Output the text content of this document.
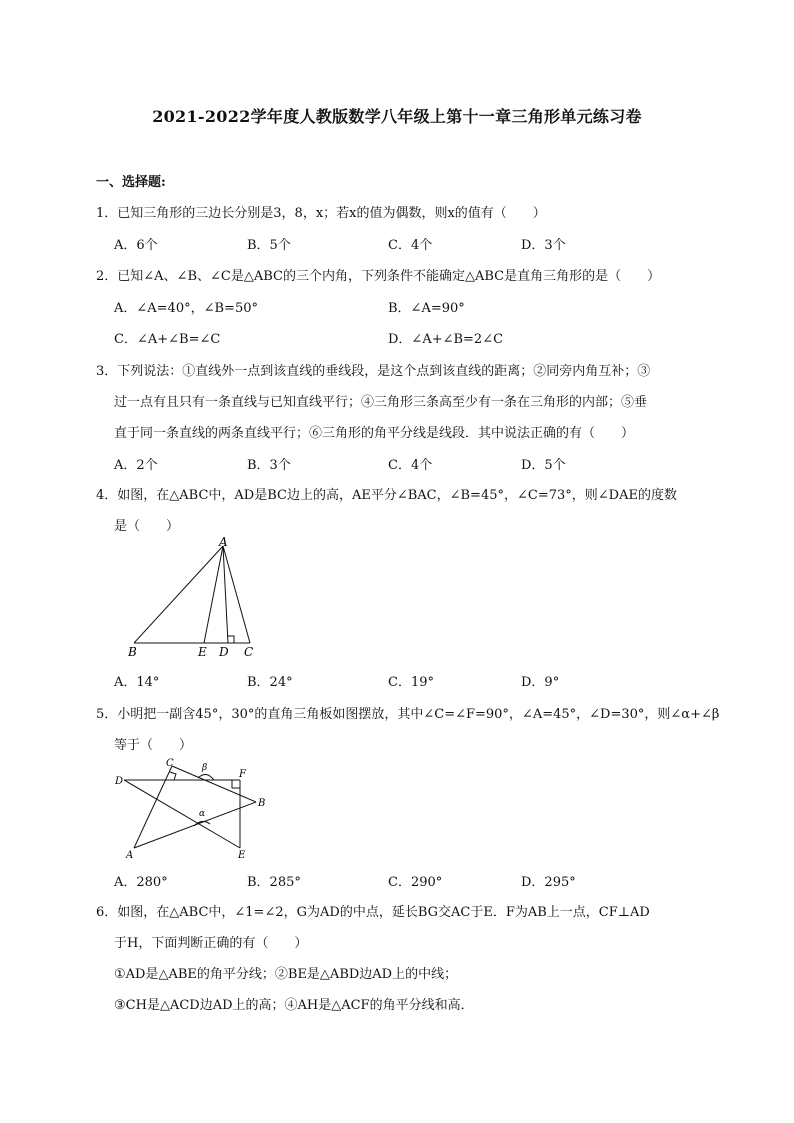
2021-2022学年度人教版数学八年级上第十一章三角形单元练习卷
一、选择题:
1．已知三角形的三边长分别是3，8，x；若x的值为偶数，则x的值有（　　）
A．6个	B．5个	C．4个	D．3个
2．已知∠A、∠B、∠C是△ABC的三个内角，下列条件不能确定△ABC是直角三角形的是（　　）
A．∠A=40°，∠B=50°	B．∠A=90°
C．∠A+∠B=∠C	D．∠A+∠B=2∠C
3．下列说法：①直线外一点到该直线的垂线段，是这个点到该直线的距离；②同旁内角互补；③
过一点有且只有一条直线与已知直线平行；④三角形三条高至少有一条在三角形的内部；⑤垂
直于同一条直线的两条直线平行；⑥三角形的角平分线是线段．其中说法正确的有（　　）
A．2个	B．3个	C．4个	D．5个
4．如图，在△ABC中，AD是BC边上的高，AE平分∠BAC，∠B=45°，∠C=73°，则∠DAE的度数
是（　　）
A
B	E D C
A．14°	B．24°	C．19°	D．9°
5．小明把一副含45°，30°的直角三角板如图摆放，其中∠C=∠F=90°，∠A=45°，∠D=30°，则∠α+∠β
等于（　　）
D
C	β
F
B
α
A	E
A．280°	B．285°	C．290°	D．295°
6．如图，在△ABC中，∠1=∠2，G为AD的中点，延长BG交AC于E．F为AB上一点，CF⊥AD
于H，下面判断正确的有（　　）
①AD是△ABE的角平分线；②BE是△ABD边AD上的中线；
③CH是△ACD边AD上的高；④AH是△ACF的角平分线和高．
